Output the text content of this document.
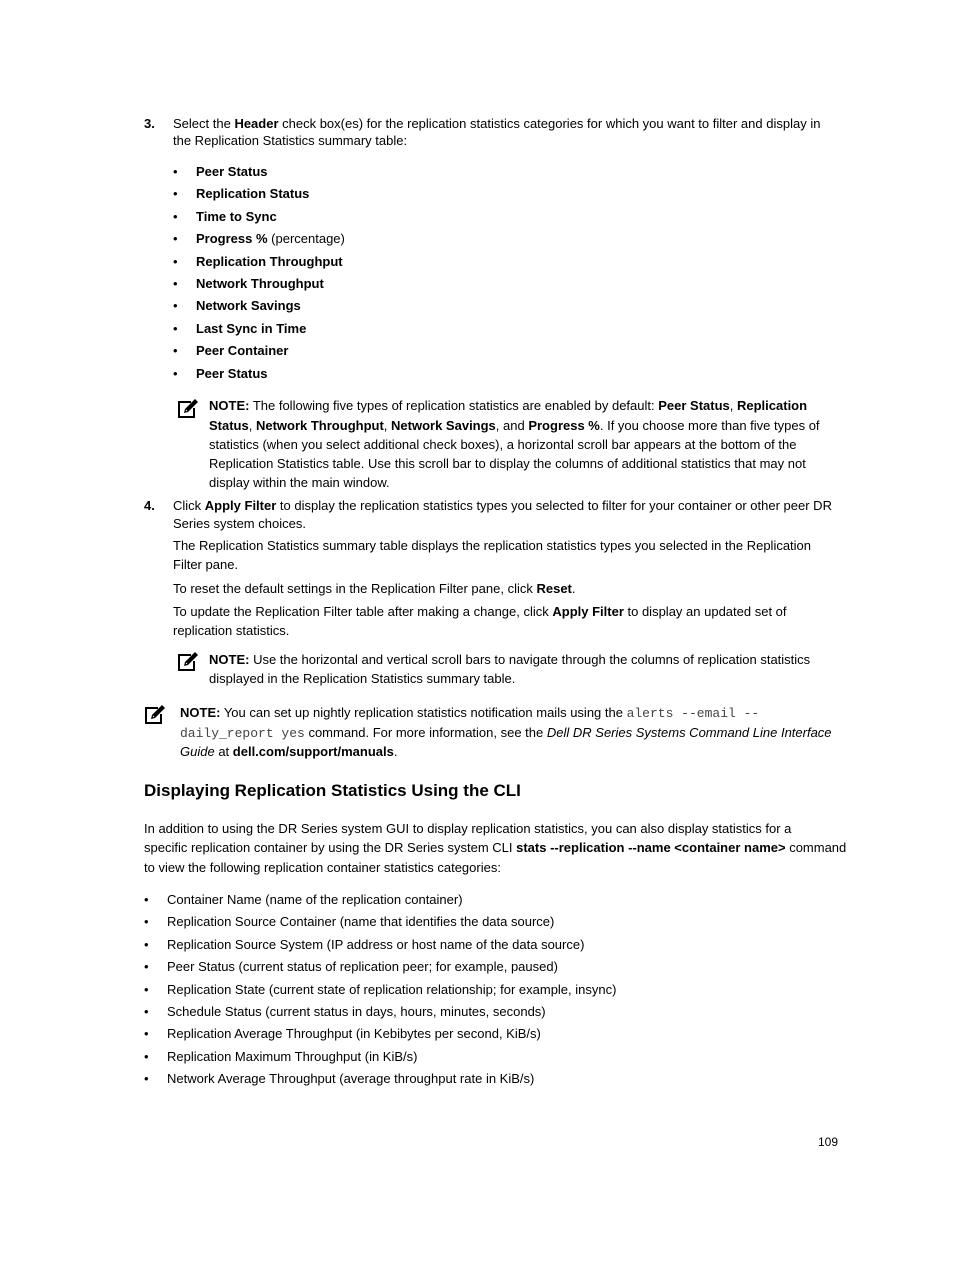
3. Select the Header check box(es) for the replication statistics categories for which you want to filter and display in
the Replication Statistics summary table:
• Peer Status
• Replication Status
• Time to Sync
• Progress % (percentage)
• Replication Throughput
• Network Throughput
• Network Savings
• Last Sync in Time
• Peer Container
• Peer Status
NOTE: The following five types of replication statistics are enabled by default: Peer Status, Replication
Status, Network Throughput, Network Savings, and Progress %. If you choose more than five types of
statistics (when you select additional check boxes), a horizontal scroll bar appears at the bottom of the
Replication Statistics table. Use this scroll bar to display the columns of additional statistics that may not
display within the main window.
4. Click Apply Filter to display the replication statistics types you selected to filter for your container or other peer DR
Series system choices.
The Replication Statistics summary table displays the replication statistics types you selected in the Replication
Filter pane.
To reset the default settings in the Replication Filter pane, click Reset.
To update the Replication Filter table after making a change, click Apply Filter to display an updated set of
replication statistics.
NOTE: Use the horizontal and vertical scroll bars to navigate through the columns of replication statistics
displayed in the Replication Statistics summary table.
NOTE: You can set up nightly replication statistics notification mails using the alerts --email --
daily_report yes command. For more information, see the Dell DR Series Systems Command Line Interface
Guide at dell.com/support/manuals.
Displaying Replication Statistics Using the CLI
In addition to using the DR Series system GUI to display replication statistics, you can also display statistics for a
specific replication container by using the DR Series system CLI stats --replication --name <container name> command
to view the following replication container statistics categories:
• Container Name (name of the replication container)
• Replication Source Container (name that identifies the data source)
• Replication Source System (IP address or host name of the data source)
• Peer Status (current status of replication peer; for example, paused)
• Replication State (current state of replication relationship; for example, insync)
• Schedule Status (current status in days, hours, minutes, seconds)
• Replication Average Throughput (in Kebibytes per second, KiB/s)
• Replication Maximum Throughput (in KiB/s)
• Network Average Throughput (average throughput rate in KiB/s)
109
